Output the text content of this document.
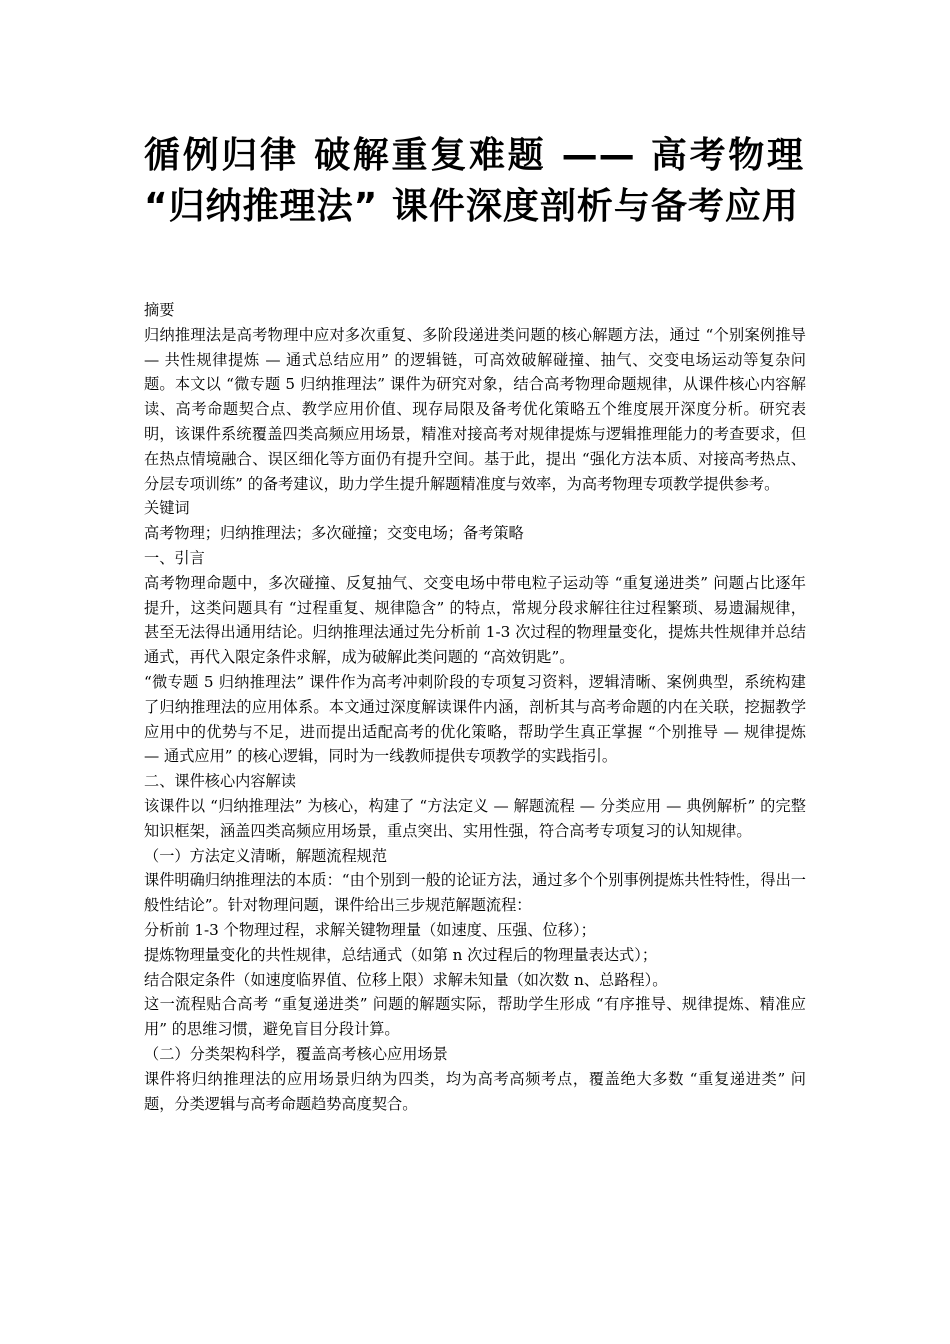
循例归律 破解重复难题 —— 高考物理 “归纳推理法” 课件深度剖析与备考应用

摘要

归纳推理法是高考物理中应对多次重复、多阶段递进类问题的核心解题方法，通过 “个别案例推导 — 共性规律提炼 — 通式总结应用” 的逻辑链，可高效破解碰撞、抽气、交变电场运动等复杂问题。本文以 “微专题 5 归纳推理法” 课件为研究对象，结合高考物理命题规律，从课件核心内容解读、高考命题契合点、教学应用价值、现存局限及备考优化策略五个维度展开深度分析。研究表明，该课件系统覆盖四类高频应用场景，精准对接高考对规律提炼与逻辑推理能力的考查要求，但在热点情境融合、误区细化等方面仍有提升空间。基于此，提出 “强化方法本质、对接高考热点、分层专项训练” 的备考建议，助力学生提升解题精准度与效率，为高考物理专项教学提供参考。

关键词

高考物理；归纳推理法；多次碰撞；交变电场；备考策略

一、引言

高考物理命题中，多次碰撞、反复抽气、交变电场中带电粒子运动等 “重复递进类” 问题占比逐年提升，这类问题具有 “过程重复、规律隐含” 的特点，常规分段求解往往过程繁琐、易遗漏规律，甚至无法得出通用结论。归纳推理法通过先分析前 1-3 次过程的物理量变化，提炼共性规律并总结通式，再代入限定条件求解，成为破解此类问题的 “高效钥匙”。

“微专题 5 归纳推理法” 课件作为高考冲刺阶段的专项复习资料，逻辑清晰、案例典型，系统构建了归纳推理法的应用体系。本文通过深度解读课件内涵，剖析其与高考命题的内在关联，挖掘教学应用中的优势与不足，进而提出适配高考的优化策略，帮助学生真正掌握 “个别推导 — 规律提炼 — 通式应用” 的核心逻辑，同时为一线教师提供专项教学的实践指引。

二、课件核心内容解读

该课件以 “归纳推理法” 为核心，构建了 “方法定义 — 解题流程 — 分类应用 — 典例解析” 的完整知识框架，涵盖四类高频应用场景，重点突出、实用性强，符合高考专项复习的认知规律。

（一）方法定义清晰，解题流程规范

课件明确归纳推理法的本质：“由个别到一般的论证方法，通过多个个别事例提炼共性特性，得出一般性结论”。针对物理问题，课件给出三步规范解题流程：

分析前 1-3 个物理过程，求解关键物理量（如速度、压强、位移）；

提炼物理量变化的共性规律，总结通式（如第 n 次过程后的物理量表达式）；

结合限定条件（如速度临界值、位移上限）求解未知量（如次数 n、总路程）。

这一流程贴合高考 “重复递进类” 问题的解题实际，帮助学生形成 “有序推导、规律提炼、精准应用” 的思维习惯，避免盲目分段计算。

（二）分类架构科学，覆盖高考核心应用场景

课件将归纳推理法的应用场景归纳为四类，均为高考高频考点，覆盖绝大多数 “重复递进类” 问题，分类逻辑与高考命题趋势高度契合。
